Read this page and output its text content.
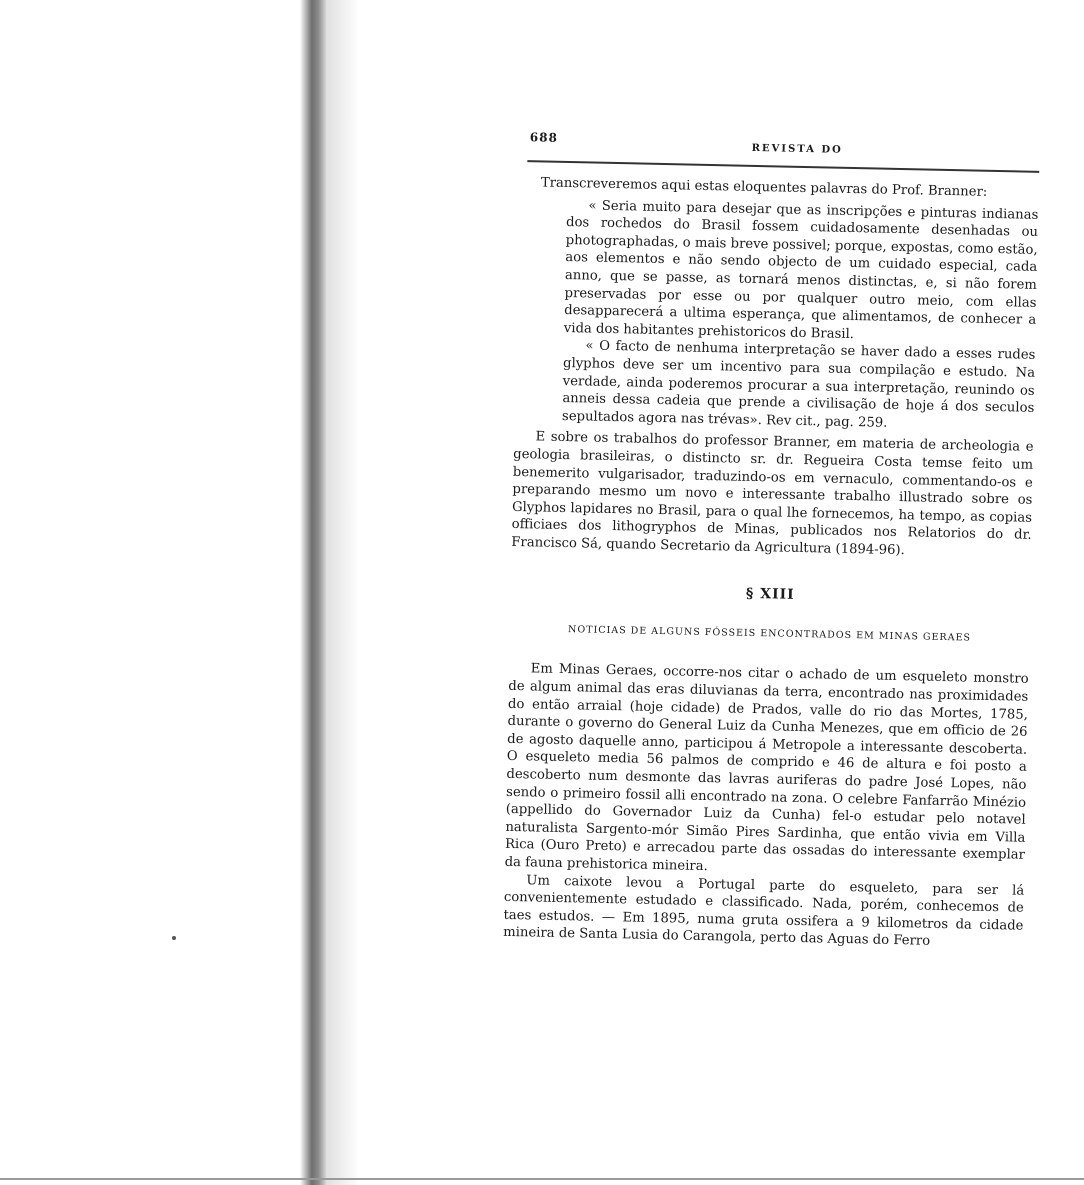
688
REVISTA DO

Transcreveremos aqui estas eloquentes palavras do Prof. Branner:

« Seria muito para desejar que as inscripções e pinturas indianas dos rochedos do Brasil fossem cuidadosamente desenhadas ou photographadas, o mais breve possivel; porque, expostas, como estão, aos elementos e não sendo objecto de um cuidado especial, cada anno, que se passe, as tornará menos distinctas, e, si não forem preservadas por esse ou por qualquer outro meio, com ellas desapparecerá a ultima esperança, que alimentamos, de conhecer a vida dos habitantes prehistoricos do Brasil.

« O facto de nenhuma interpretação se haver dado a esses rudes glyphos deve ser um incentivo para sua compilação e estudo. Na verdade, ainda poderemos procurar a sua interpretação, reunindo os anneis dessa cadeia que prende a civilisação de hoje á dos seculos sepultados agora nas trévas». Rev cit., pag. 259.

E sobre os trabalhos do professor Branner, em materia de archeologia e geologia brasileiras, o distincto sr. dr. Regueira Costa temse feito um benemerito vulgarisador, traduzindo-os em vernaculo, commentando-os e preparando mesmo um novo e interessante trabalho illustrado sobre os Glyphos lapidares no Brasil, para o qual lhe fornecemos, ha tempo, as copias officiaes dos lithogryphos de Minas, publicados nos Relatorios do dr. Francisco Sá, quando Secretario da Agricultura (1894-96).

§ XIII
NOTICIAS DE ALGUNS FÓSSEIS ENCONTRADOS EM MINAS GERAES

Em Minas Geraes, occorre-nos citar o achado de um esqueleto monstro de algum animal das eras diluvianas da terra, encontrado nas proximidades do então arraial (hoje cidade) de Prados, valle do rio das Mortes, 1785, durante o governo do General Luiz da Cunha Menezes, que em officio de 26 de agosto daquelle anno, participou á Metropole a interessante descoberta. O esqueleto media 56 palmos de comprido e 46 de altura e foi posto a descoberto num desmonte das lavras auriferas do padre José Lopes, não sendo o primeiro fossil alli encontrado na zona. O celebre Fanfarrão Minézio (appellido do Governador Luiz da Cunha) fel-o estudar pelo notavel naturalista Sargento-mór Simão Pires Sardinha, que então vivia em Villa Rica (Ouro Preto) e arrecadou parte das ossadas do interessante exemplar da fauna prehistorica mineira.

Um caixote levou a Portugal parte do esqueleto, para ser lá convenientemente estudado e classificado. Nada, porém, conhecemos de taes estudos. — Em 1895, numa gruta ossifera a 9 kilometros da cidade mineira de Santa Lusia do Carangola, perto das Aguas do Ferro
